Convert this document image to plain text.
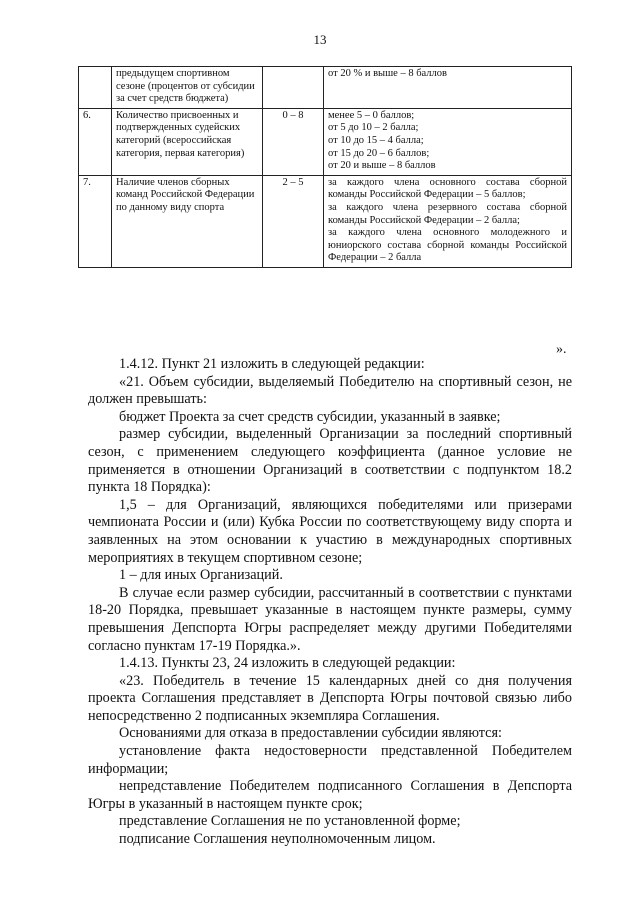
13
	предыдущем спортивном сезоне (процентов от субсидии за счет средств бюджета)		от 20 % и выше – 8 баллов

6.	Количество присвоенных и подтвержденных судейских категорий (всероссийская категория, первая категория)	0 – 8	менее 5 – 0 баллов;
от 5 до 10 – 2 балла;
от 10 до 15 – 4 балла;
от 15 до 20 – 6 баллов;
от 20 и выше – 8 баллов

7.	Наличие членов сборных команд Российской Федерации по данному виду спорта	2 – 5	за каждого члена основного состава сборной команды Российской Федерации – 5 баллов;
за каждого члена резервного состава сборной команды Российской Федерации – 2 балла;
за каждого члена основного молодежного и юниорского состава сборной команды Российской Федерации – 2 балла
».

1.4.12. Пункт 21 изложить в следующей редакции:

«21. Объем субсидии, выделяемый Победителю на спортивный сезон, не должен превышать:

бюджет Проекта за счет средств субсидии, указанный в заявке;

размер субсидии, выделенный Организации за последний спортивный сезон, с применением следующего коэффициента (данное условие не применяется в отношении Организаций в соответствии с подпунктом 18.2 пункта 18 Порядка):

1,5 – для Организаций, являющихся победителями или призерами чемпионата России и (или) Кубка России по соответствующему виду спорта и заявленных на этом основании к участию в международных спортивных мероприятиях в текущем спортивном сезоне;

1 – для иных Организаций.

В случае если размер субсидии, рассчитанный в соответствии с пунктами 18-20 Порядка, превышает указанные в настоящем пункте размеры, сумму превышения Депспорта Югры распределяет между другими Победителями согласно пунктам 17-19 Порядка.».

1.4.13. Пункты 23, 24 изложить в следующей редакции:

«23. Победитель в течение 15 календарных дней со дня получения проекта Соглашения представляет в Депспорта Югры почтовой связью либо непосредственно 2 подписанных экземпляра Соглашения.

Основаниями для отказа в предоставлении субсидии являются:

установление факта недостоверности представленной Победителем информации;

непредставление Победителем подписанного Соглашения в Депспорта Югры в указанный в настоящем пункте срок;

представление Соглашения не по установленной форме;

подписание Соглашения неуполномоченным лицом.
